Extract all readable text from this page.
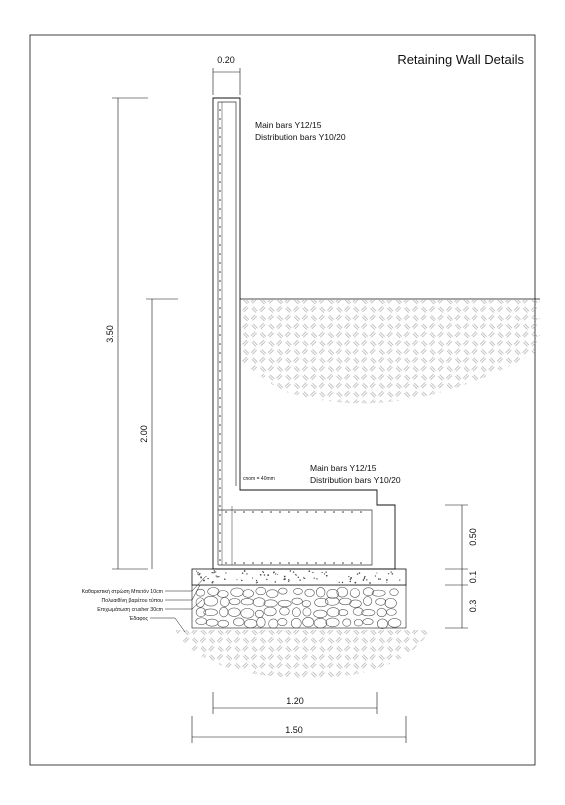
Retaining Wall Details
cnom = 40mm
Main bars Y12/15
Distribution bars Y10/20
Main bars Y12/15
Distribution bars Y10/20
0.20
3.50
2.00
0.50
0.1
0.3
1.20
1.50
Καθαριστική στρώση Μπετόν 10cm
Πολυαιθίνη βαρέτου τύπου
Επιχωμάτωση crusher 30cm
Έδαφος
